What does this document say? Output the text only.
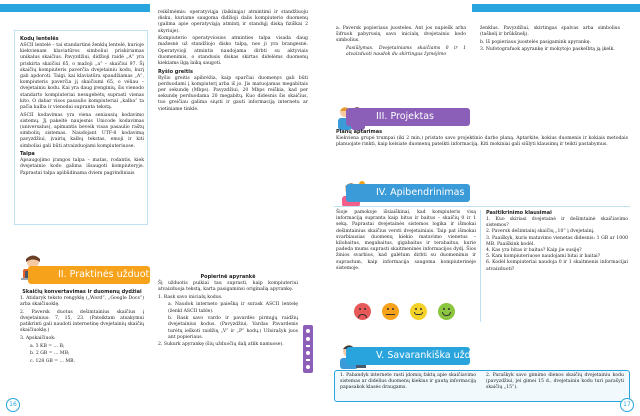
1.1. Duomenų kodavimas ir skaičiavimo sistemos kompiuteriuose
Kodų lentelės

ASCII lentelė – tai standartinė ženklų lentelė, kurioje kiekvienam klaviatūros simboliui priskiriamas unikalus skaičius. Pavyzdžiui, didžioji raidė „A“ yra priskirta skaičiui 65, o mažoji „a“ – skaičiui 97. Šį skaičių kompiuteris paverčia dvejetainiu kodu, kurį gali apdoroti. Taigi, kai klaviatūra spaudžiamas „A“, kompiuteris paverčia jį skaičiumi 65, o vėliau – dvejetainiu kodu. Kai yra daug įrenginių, šis vienodo standarto kompiuteriai nesugebėtų suprasti vienas kito. O dabar visos pasaulio kompiuteriai „kalba“ ta pačia kalba ir vienodai supranta tekstą.

ASCII kodavimas yra viena seniausių kodavimo sistemų. Jį pakeitė naujesnis Unicode kodavimas (universalus), apimantis beveik visas pasaulio raštų simbolių sistemas. Naudojant UTF-8 kodavimą pavyzdžiui, įvairių kalbų tekstas, emoji ir kiti simboliai gali būti atvaizduojami kompiuteriuose.

Talpa

Apsaugojimo įrangos talpa – matas, rodantis, kiek dvejetainio kodo galima išsaugoti kompiuteryje. Paprastai talpa apibūdinama dviem pagrindiniais

reikšmėmis: operatyviąja (laikinąja) atmintimi ir standžiuoju disku, kuriame saugoma didžioji dalis kompiuterio duomenų (galima apie operatyviąją atmintį ir standųjį diską fiziškai 2 skyriuje).

Kompiuterio operatyviosios atminties talpa visada daug mažesnė už standžiojo disko talpą, nes ji yra brangesnė. Operatyvioji atmintis naudojama dirbti su aktyviais duomenimis, o standusis diskas skirtas didelėms duomenų kiekiams ilgą laiką saugoti.

Ryšio greitis

Ryšio greitis apibrėžia, kaip sparčiai duomenys gali būti perduodami į kompiuterį arba iš jo. Jis matuojamas megabitais per sekundę (Mbps). Pavyzdžiui, 20 Mbps reiškia, kad per sekundę perduodama 20 megabitų. Kuo didesnis šis skaičius, tuo greičiau galima siųsti ir gauti informaciją internetu ar vietiniame tinkle.

II. Praktinės užduotys
Skaičių konvertavimas ir duomenų dydžiai

1. Atidaryk teksto rengyklę („Word“, „Google Docs“) arba skaičiuoklę.

2. Paversk duotus dešimtainius skaičius į dvejetainius: 7, 15, 23. (Pateiktam atsakymui patikrinti gali naudoti internetinę dvejetainių skaičių skaičiuoklę.)

3. Apskaičiuok:

a. 3 KB = ... B;

b. 2 GB = ... MB;

c. 128 GB = ... MB.

Popierinė apyrankė

Šį užduotis puikiai tau suprasti, kaip kompiuteriui atvaizduoja tekstą, karta pasigaminsi originalią apyrankę.

1. Rask savo inicialų kodus.

a. Naudok interneto paiešką ir surask ASCII lentelę (ženkl ASCII table).

b. Rask savo vardo ir pavardės pirmųjų raidžių dvejetainius kodus. (Pavyzdžiui, Vardas Pavardenis turėtų ieškoti raidžių „V“ ir „P“ kodų.) Užsirašyk juos ant popieriaus.

2. Sukurk apyrankę (šių užduočių dalį atlik namuose).

16
1. Duomenų tyrybė ir informacija

a. Paversk popieriaus juosteles. Ant jos nupiešk arba šifruok pabyrusių savo inicialų dvejetainio kodo simbolius.

Pasiūlymas. Dvejetainiams skaičiams 0 ir 1 atvaizduoti naudok du skirtingus žymėjimo

ženklus. Pavyzdžiui, skirtingas spalvas arba simbolius (taškelį ir brūkšnelį).

b. Iš popieriaus juostelės pasigamink apyrankę.

3. Nufotografuok apyrankę ir mokytojo paskelbtą ją įkelk.

III. Projektas
Planų aptarimas

Kiekviena grupė trumpai (iki 2 min.) pristato savo projektinio darbo planą. Aptarkite, kokius duomenis ir kokiais metodais planuojate rinkti, kaip kelsiate duomenų pateikti informaciją. Kiti mokiniai gali siūlyti klausimų ir teikti pastabymus.

IV. Apibendrinimas

Šioje pamokoje išsiaiškinai, kad kompiuteris visą informaciją supranta kaip bitus ir baitus – skaičių 0 ir 1 seką. Paprastai dvejetainės sistemos logika ir išmokai dešimtainius skaičius versti dvejetainiais. Taip pat išmokai svarbiausias duomenų kiekio matavimo vienetus – kilobaitus, megabaitus, gigabaitus ir terabaitus, kurie padeda mums suprasti skaitmeninės informacijos dydį. Šios žinios svarbios, kad galėtum dirbti su duomenimis ir suprastum, kaip informacija saugoma kompiuterinėje sistemoje.

Pasitikrinimo klausimai
1. Kuo skiriasi dvejetainė ir dešimtainė skaičiavimo sistemos?
2. Paversk dešimtainį skaičių „10“ į dvejetainį.
3. Paaiškyk, kuris matavimo vienetas didesnis: 1 GB ar 1000 MB. Paaiškink kodėl.
4. Kas yra bitas ir baitas? Kaip jie susiję?
5. Kam kompiuteriuose naudojami bitai ir baitai?
6. Kodėl kompiuteriai naudoja 0 ir 1 skaitmenis informacijai atvaizduoti?
V. Savarankiška užduotis

1. Pabandyk internete rasti įdomių faktų apie skaičiavimo sistemas ar didelius duomenų kiekius ir gautą informaciją papasakok klasės draugams.

2. Paraškyk savo gimimo dienos skaičių dvejetainiu kodu (pavyzdžiui, jei gimei 15 d., dvejetainiu kodu turi parašyti skaičių „15“).

17
